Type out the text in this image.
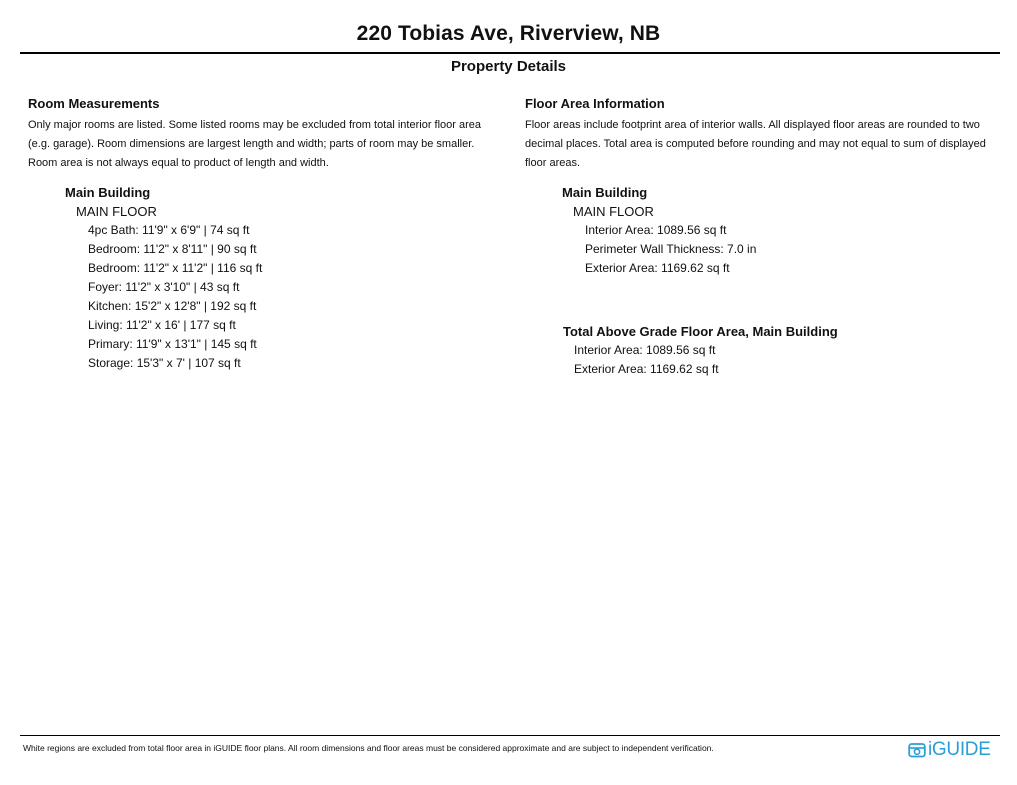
220 Tobias Ave, Riverview, NB
Property Details
Room Measurements
Only major rooms are listed. Some listed rooms may be excluded from total interior floor area
(e.g. garage). Room dimensions are largest length and width; parts of room may be smaller.
Room area is not always equal to product of length and width.
Main Building
MAIN FLOOR
4pc Bath: 11'9" x 6'9" | 74 sq ft
Bedroom: 11'2" x 8'11" | 90 sq ft
Bedroom: 11'2" x 11'2" | 116 sq ft
Foyer: 11'2" x 3'10" | 43 sq ft
Kitchen: 15'2" x 12'8" | 192 sq ft
Living: 11'2" x 16' | 177 sq ft
Primary: 11'9" x 13'1" | 145 sq ft
Storage: 15'3" x 7' | 107 sq ft
Floor Area Information
Floor areas include footprint area of interior walls. All displayed floor areas are rounded to two
decimal places. Total area is computed before rounding and may not equal to sum of displayed
floor areas.
Main Building
MAIN FLOOR
Interior Area: 1089.56 sq ft
Perimeter Wall Thickness: 7.0 in
Exterior Area: 1169.62 sq ft
Total Above Grade Floor Area, Main Building
Interior Area: 1089.56 sq ft
Exterior Area: 1169.62 sq ft
White regions are excluded from total floor area in iGUIDE floor plans. All room dimensions and floor areas must be considered approximate and are subject to independent verification.	iGUIDE
